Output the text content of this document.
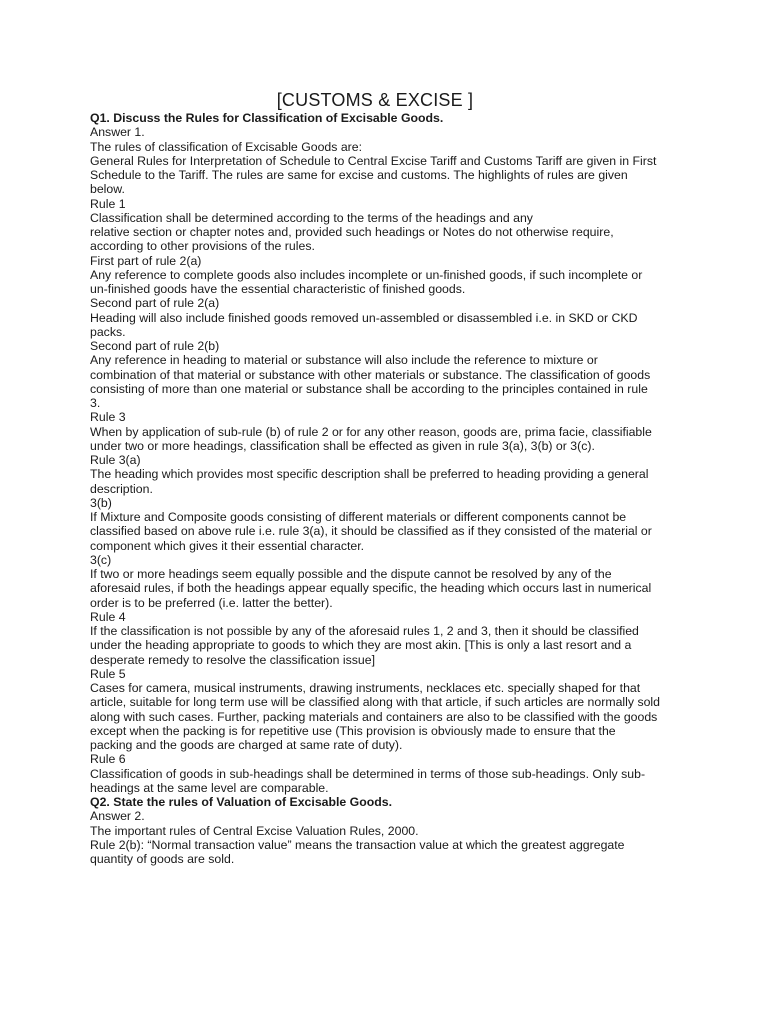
[CUSTOMS & EXCISE ]

Q1. Discuss the Rules for Classification of Excisable Goods.

Answer 1.

The rules of classification of Excisable Goods are:

General Rules for Interpretation of Schedule to Central Excise Tariff and Customs Tariff are given in First Schedule to the Tariff. The rules are same for excise and customs. The highlights of rules are given below.

Rule 1

Classification shall be determined according to the terms of the headings and any

relative section or chapter notes and, provided such headings or Notes do not otherwise require, according to other provisions of the rules.

First part of rule 2(a)

Any reference to complete goods also includes incomplete or un-finished goods, if such incomplete or un-finished goods have the essential characteristic of finished goods.

Second part of rule 2(a)

Heading will also include finished goods removed un-assembled or disassembled i.e. in SKD or CKD packs.

Second part of rule 2(b)

Any reference in heading to material or substance will also include the reference to mixture or combination of that material or substance with other materials or substance. The classification of goods consisting of more than one material or substance shall be according to the principles contained in rule 3.

Rule 3

When by application of sub-rule (b) of rule 2 or for any other reason, goods are, prima facie, classifiable under two or more headings, classification shall be effected as given in rule 3(a), 3(b) or 3(c).

Rule 3(a)

The heading which provides most specific description shall be preferred to heading providing a general description.

3(b)

If Mixture and Composite goods consisting of different materials or different components cannot be classified based on above rule i.e. rule 3(a), it should be classified as if they consisted of the material or component which gives it their essential character.

3(c)

If two or more headings seem equally possible and the dispute cannot be resolved by any of the aforesaid rules, if both the headings appear equally specific, the heading which occurs last in numerical order is to be preferred (i.e. latter the better).

Rule 4

If the classification is not possible by any of the aforesaid rules 1, 2 and 3, then it should be classified under the heading appropriate to goods to which they are most akin. [This is only a last resort and a desperate remedy to resolve the classification issue]

Rule 5

Cases for camera, musical instruments, drawing instruments, necklaces etc. specially shaped for that article, suitable for long term use will be classified along with that article, if such articles are normally sold along with such cases. Further, packing materials and containers are also to be classified with the goods except when the packing is for repetitive use (This provision is obviously made to ensure that the packing and the goods are charged at same rate of duty).

Rule 6

Classification of goods in sub-headings shall be determined in terms of those sub-headings. Only sub-headings at the same level are comparable.

Q2. State the rules of Valuation of Excisable Goods.

Answer 2.

The important rules of Central Excise Valuation Rules, 2000.

Rule 2(b): “Normal transaction value” means the transaction value at which the greatest aggregate quantity of goods are sold.
